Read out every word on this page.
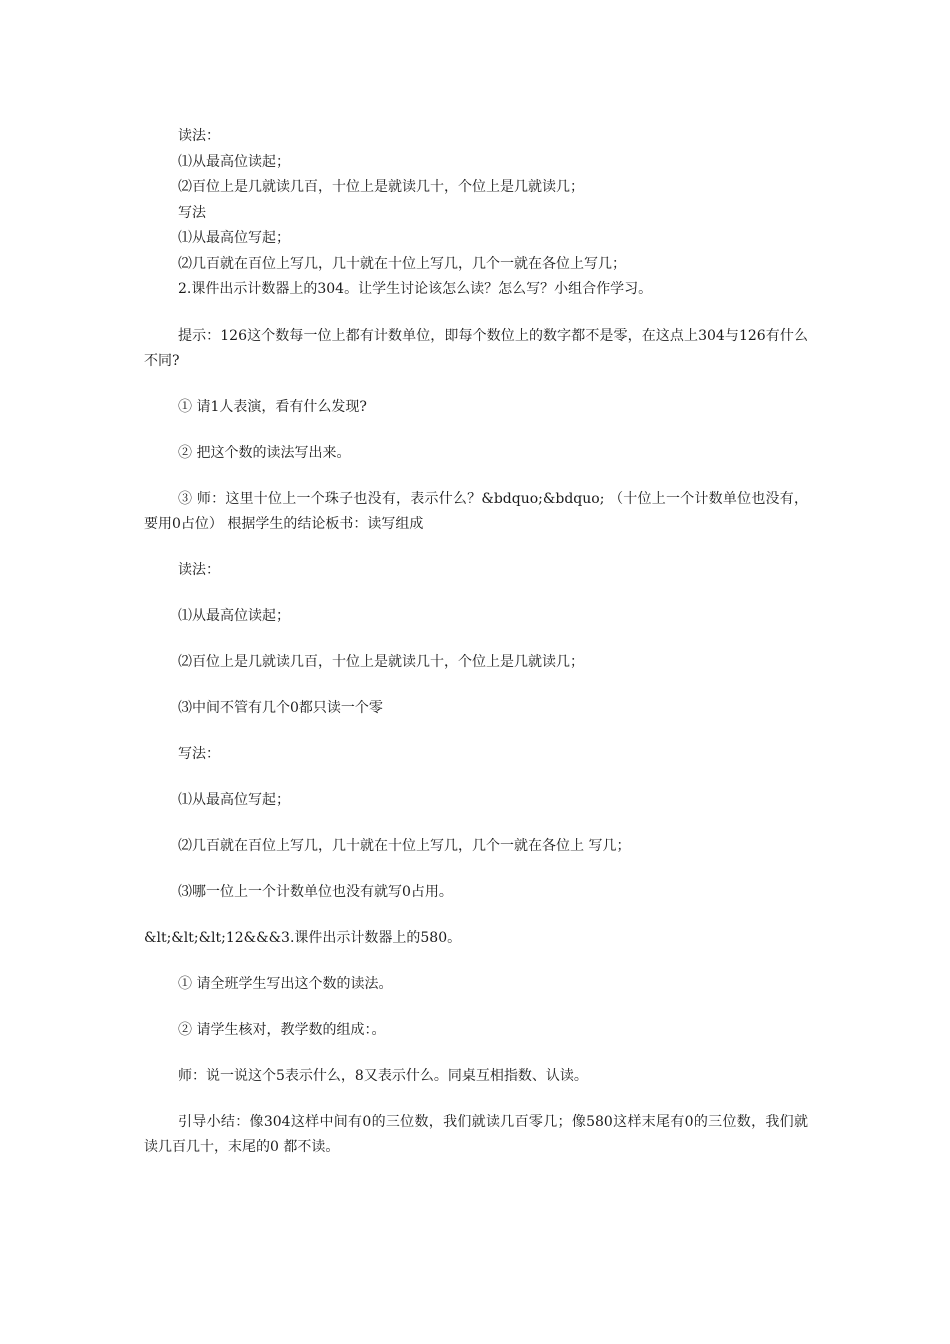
读法：

⑴从最高位读起；

⑵百位上是几就读几百，十位上是就读几十，个位上是几就读几；

写法

⑴从最高位写起；

⑵几百就在百位上写几，几十就在十位上写几，几个一就在各位上写几；

2.课件出示计数器上的304。让学生讨论该怎么读？怎么写？小组合作学习。

提示：126这个数每一位上都有计数单位，即每个数位上的数字都不是零，在这点上304与126有什么不同?

① 请1人表演，看有什么发现?

② 把这个数的读法写出来。

③ 师：这里十位上一个珠子也没有，表示什么？&bdquo;&bdquo; （十位上一个计数单位也没有，要用0占位） 根据学生的结论板书：读写组成

读法：

⑴从最高位读起；

⑵百位上是几就读几百，十位上是就读几十，个位上是几就读几；

⑶中间不管有几个0都只读一个零

写法：

⑴从最高位写起；

⑵几百就在百位上写几，几十就在十位上写几，几个一就在各位上 写几；

⑶哪一位上一个计数单位也没有就写0占用。

&lt;&lt;&lt;12&&&3.课件出示计数器上的580。

① 请全班学生写出这个数的读法。

② 请学生核对，教学数的组成：。

师：说一说这个5表示什么，8又表示什么。同桌互相指数、认读。

引导小结：像304这样中间有0的三位数，我们就读几百零几；像580这样末尾有0的三位数，我们就读几百几十，末尾的0 都不读。
